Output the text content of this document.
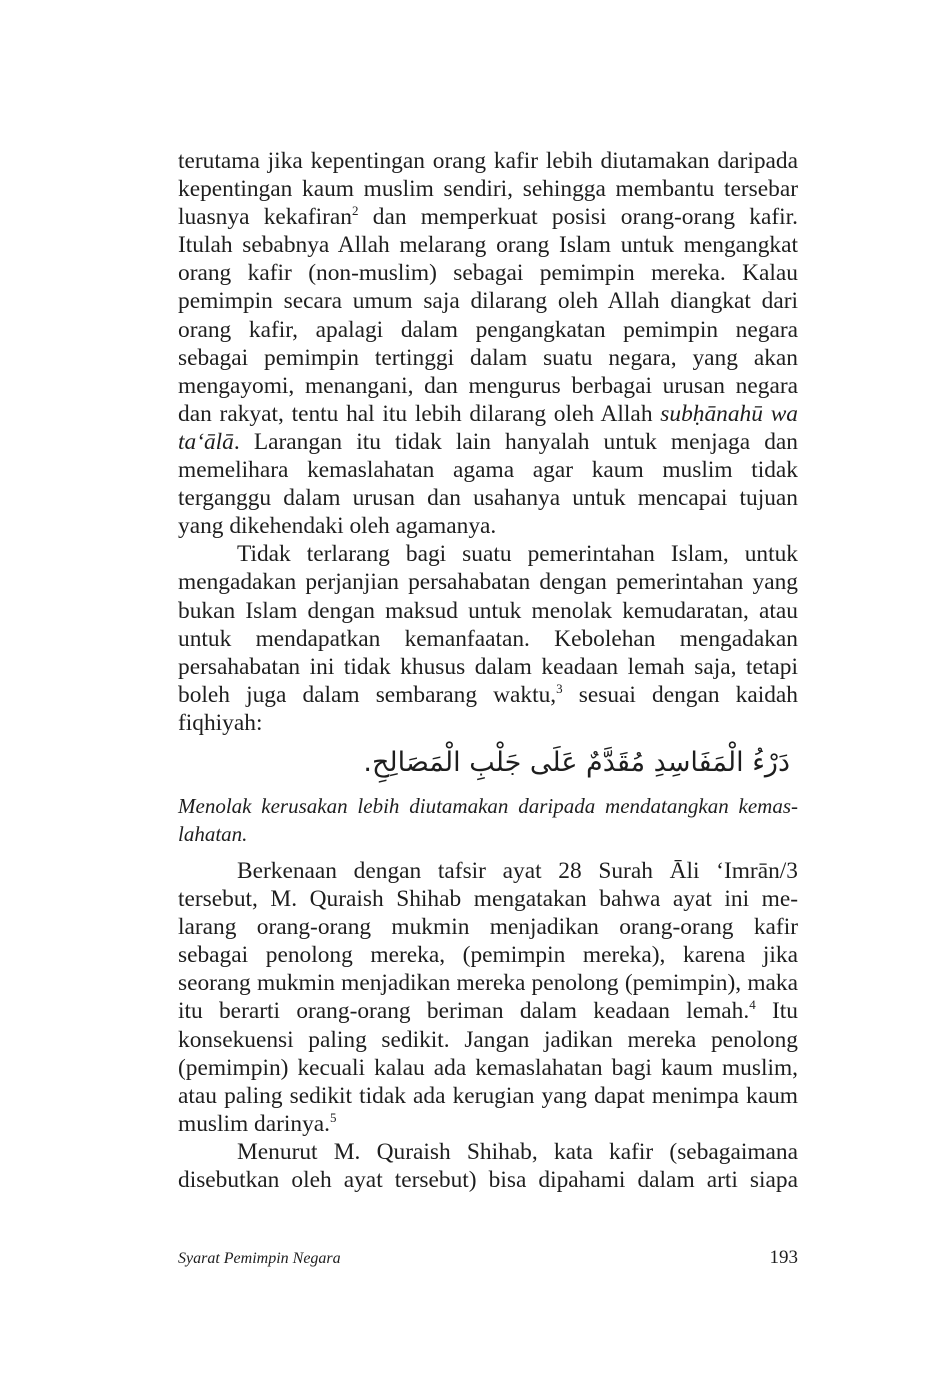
terutama jika kepentingan orang kafir lebih diutamakan daripada kepentingan kaum muslim sendiri, sehingga membantu tersebar luasnya kekafiran$^2$ dan memperkuat posisi orang-orang kafir. Itulah sebabnya Allah melarang orang Islam untuk mengangkat orang kafir (non-muslim) sebagai pemimpin mereka. Kalau pemimpin secara umum saja dilarang oleh Allah diangkat dari orang kafir, apalagi dalam pengangkatan pemimpin negara sebagai pemimpin tertinggi dalam suatu negara, yang akan mengayomi, menangani, dan mengurus berbagai urusan negara dan rakyat, tentu hal itu lebih dilarang oleh Allah subḥānahū wa ta‘ālā. Larangan itu tidak lain hanyalah untuk menjaga dan memelihara kemaslahatan agama agar kaum muslim tidak terganggu dalam urusan dan usahanya untuk mencapai tujuan yang dikehendaki oleh agamanya.

Tidak terlarang bagi suatu pemerintahan Islam, untuk mengadakan perjanjian persahabatan dengan pemerintahan yang bukan Islam dengan maksud untuk menolak kemudaratan, atau untuk mendapatkan kemanfaatan. Kebolehan mengadakan persahabatan ini tidak khusus dalam keadaan lemah saja, tetapi boleh juga dalam sembarang waktu,$^3$ sesuai dengan kaidah fiqhiyah:

دَرْءُ الْمَفَاسِدِ مُقَدَّمٌ عَلَى جَلْبِ الْمَصَالِحِ.
Menolak kerusakan lebih diutamakan daripada mendatangkan kemas-lahatan.

Berkenaan dengan tafsir ayat 28 Surah Āli ‘Imrān/3 tersebut, M. Quraish Shihab mengatakan bahwa ayat ini me-larang orang-orang mukmin menjadikan orang-orang kafir sebagai penolong mereka, (pemimpin mereka), karena jika seorang mukmin menjadikan mereka penolong (pemimpin), maka itu berarti orang-orang beriman dalam keadaan lemah.$^4$ Itu konsekuensi paling sedikit. Jangan jadikan mereka penolong (pemimpin) kecuali kalau ada kemaslahatan bagi kaum muslim, atau paling sedikit tidak ada kerugian yang dapat menimpa kaum muslim darinya.$^5$

Menurut M. Quraish Shihab, kata kafir (sebagaimana disebutkan oleh ayat tersebut) bisa dipahami dalam arti siapa

Syarat Pemimpin Negara	193
